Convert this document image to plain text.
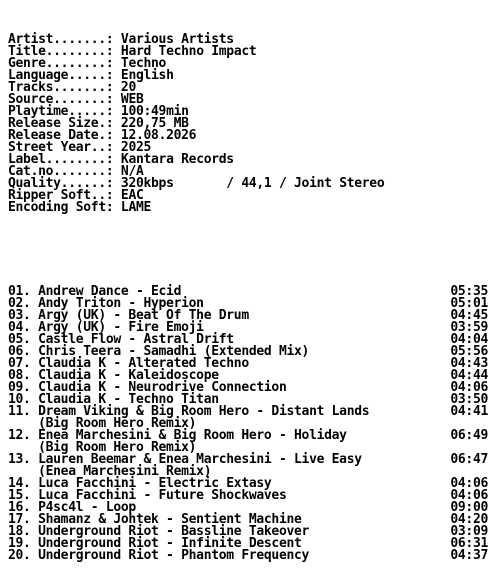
Artist.......: Various Artists
Title........: Hard Techno Impact
Genre........: Techno
Language.....: English
Tracks.......: 20
Source.......: WEB
Playtime.....: 100:49min
Release Size.: 220,75 MB
Release Date.: 12.08.2026
Street Year..: 2025
Label........: Kantara Records
Cat.no.......: N/A
Quality......: 320kbps       / 44,1 / Joint Stereo
Ripper Soft..: EAC
Encoding Soft: LAME

01. Andrew Dance - Ecid	05:35
02. Andy Triton - Hyperion	05:01
03. Argy (UK) - Beat Of The Drum	04:45
04. Argy (UK) - Fire Emoji	03:59
05. Castle Flow - Astral Drift	04:04
06. Chris Teera - Samadhi (Extended Mix)	05:56
07. Claudia K - Alterated Techno	04:43
08. Claudia K - Kaleidoscope	04:44
09. Claudia K - Neurodrive Connection	04:06
10. Claudia K - Techno Titan	03:50
11. Dream Viking & Big Room Hero - Distant Lands	04:41
(Big Room Hero Remix)
12. Enea Marchesini & Big Room Hero - Holiday	06:49
(Big Room Hero Remix)
13. Lauren Beemar & Enea Marchesini - Live Easy	06:47
(Enea Marchesini Remix)
14. Luca Facchini - Electric Extasy	04:06
15. Luca Facchini - Future Shockwaves	04:06
16. P4sc4l - Loop	09:00
17. Shamanz & Johtek - Sentient Machine	04:20
18. Underground Riot - Bassline Takeover	03:09
19. Underground Riot - Infinite Descent	06:31
20. Underground Riot - Phantom Frequency	04:37
